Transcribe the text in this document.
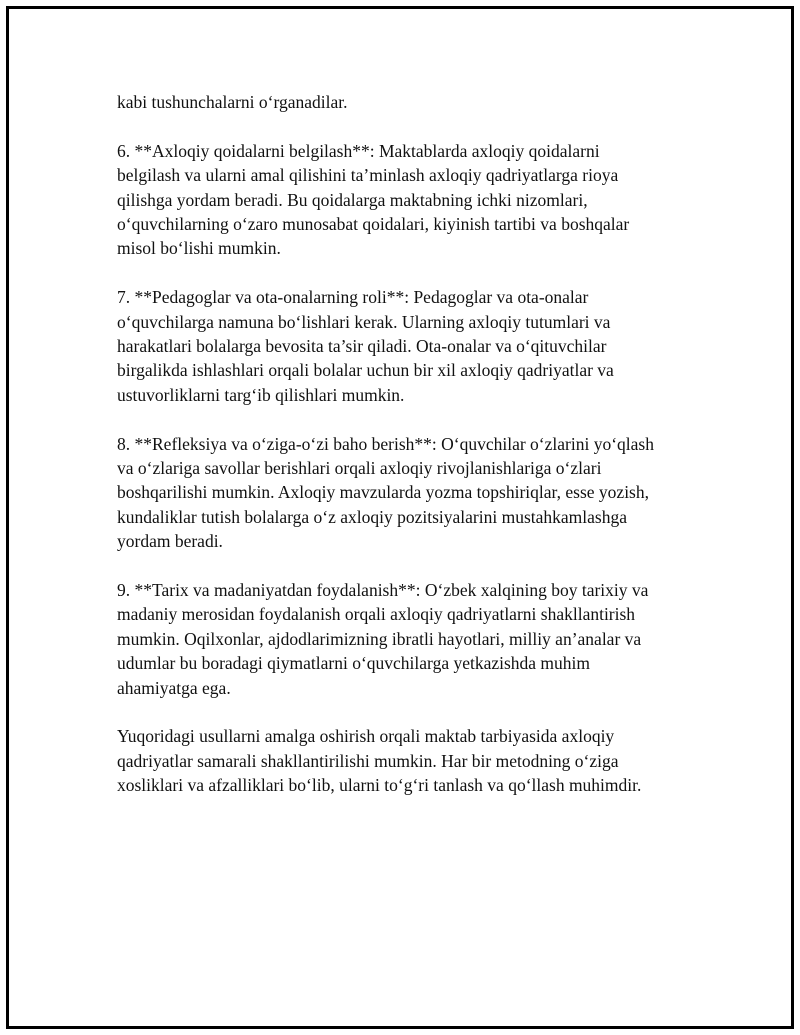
kabi tushunchalarni o‘rganadilar.

6. **Axloqiy qoidalarni belgilash**: Maktablarda axloqiy qoidalarni
belgilash va ularni amal qilishini ta’minlash axloqiy qadriyatlarga rioya
qilishga yordam beradi. Bu qoidalarga maktabning ichki nizomlari,
o‘quvchilarning o‘zaro munosabat qoidalari, kiyinish tartibi va boshqalar
misol bo‘lishi mumkin.

7. **Pedagoglar va ota-onalarning roli**: Pedagoglar va ota-onalar
o‘quvchilarga namuna bo‘lishlari kerak. Ularning axloqiy tutumlari va
harakatlari bolalarga bevosita ta’sir qiladi. Ota-onalar va o‘qituvchilar
birgalikda ishlashlari orqali bolalar uchun bir xil axloqiy qadriyatlar va
ustuvorliklarni targ‘ib qilishlari mumkin.

8. **Refleksiya va o‘ziga-o‘zi baho berish**: O‘quvchilar o‘zlarini yo‘qlash
va o‘zlariga savollar berishlari orqali axloqiy rivojlanishlariga o‘zlari
boshqarilishi mumkin. Axloqiy mavzularda yozma topshiriqlar, esse yozish,
kundaliklar tutish bolalarga o‘z axloqiy pozitsiyalarini mustahkamlashga
yordam beradi.

9. **Tarix va madaniyatdan foydalanish**: O‘zbek xalqining boy tarixiy va
madaniy merosidan foydalanish orqali axloqiy qadriyatlarni shakllantirish
mumkin. Oqilxonlar, ajdodlarimizning ibratli hayotlari, milliy an’analar va
udumlar bu boradagi qiymatlarni o‘quvchilarga yetkazishda muhim
ahamiyatga ega.

Yuqoridagi usullarni amalga oshirish orqali maktab tarbiyasida axloqiy
qadriyatlar samarali shakllantirilishi mumkin. Har bir metodning o‘ziga
xosliklari va afzalliklari bo‘lib, ularni to‘g‘ri tanlash va qo‘llash muhimdir.
